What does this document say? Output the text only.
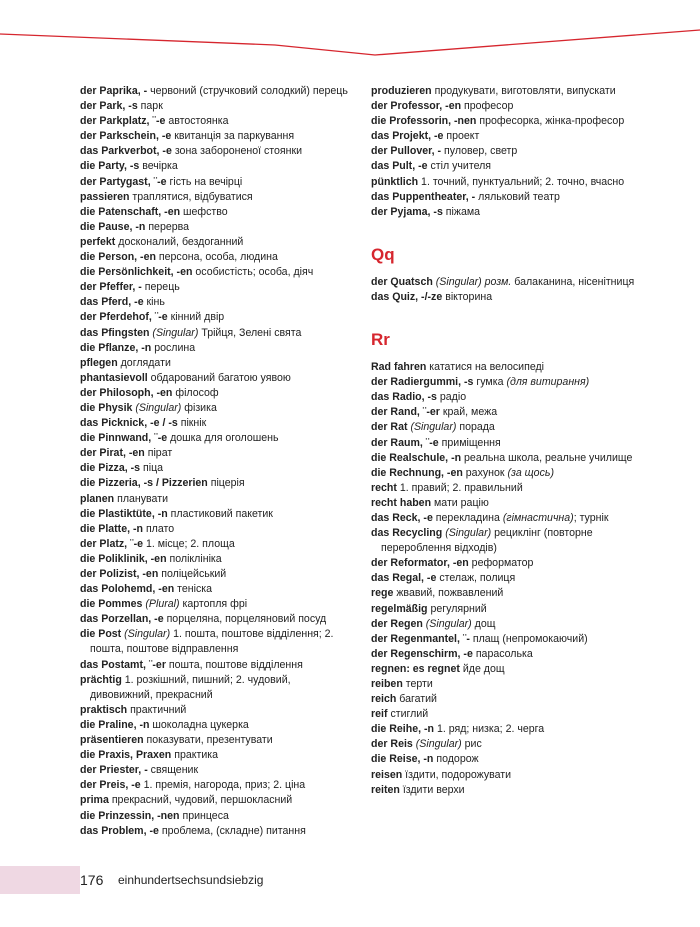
der Paprika, - червоний (стручковий солодкий) перець
der Park, -s парк
der Parkplatz, ¨-e автостоянка
der Parkschein, -e квитанція за паркування
das Parkverbot, -e зона забороненої стоянки
die Party, -s вечірка
der Partygast, ¨-e гість на вечірці
passieren траплятися, відбуватися
die Patenschaft, -en шефство
die Pause, -n перерва
perfekt досконалий, бездоганний
die Person, -en персона, особа, людина
die Persönlichkeit, -en особистість; особа, діяч
der Pfeffer, - перець
das Pferd, -e кінь
der Pferdehof, ¨-e кінний двір
das Pfingsten (Singular) Трійця, Зелені свята
die Pflanze, -n рослина
pflegen доглядати
phantasievoll обдарований багатою уявою
der Philosoph, -en філософ
die Physik (Singular) фізика
das Picknick, -e / -s пікнік
die Pinnwand, ¨-e дошка для оголошень
der Pirat, -en пірат
die Pizza, -s піца
die Pizzeria, -s / Pizzerien піцерія
planen планувати
die Plastiktüte, -n пластиковий пакетик
die Platte, -n плато
der Platz, ¨-e 1. місце; 2. площа
die Poliklinik, -en поліклініка
der Polizist, -en поліцейський
das Polohemd, -en теніска
die Pommes (Plural) картопля фрі
das Porzellan, -e порцеляна, порцеляновий посуд
die Post (Singular) 1. пошта, поштове відділення; 2. пошта, поштове відправлення
das Postamt, ¨-er пошта, поштове відділення
prächtig 1. розкішний, пишний; 2. чудовий, дивовижний, прекрасний
praktisch практичний
die Praline, -n шоколадна цукерка
präsentieren показувати, презентувати
die Praxis, Praxen практика
der Priester, - священик
der Preis, -e 1. премія, нагорода, приз; 2. ціна
prima прекрасний, чудовий, першокласний
die Prinzessin, -nen принцеса
das Problem, -e проблема, (складне) питання
produzieren продукувати, виготовляти, випускати
der Professor, -en професор
die Professorin, -nen професорка, жінка-професор
das Projekt, -e проект
der Pullover, - пуловер, светр
das Pult, -e стіл учителя
pünktlich 1. точний, пунктуальний; 2. точно, вчасно
das Puppentheater, - ляльковий театр
der Pyjama, -s піжама
Qq
der Quatsch (Singular) розм. балаканина, нісенітниця
das Quiz, -/-ze вікторина
Rr
Rad fahren кататися на велосипеді
der Radiergummi, -s гумка (для витирання)
das Radio, -s радіо
der Rand, ¨-er край, межа
der Rat (Singular) порада
der Raum, ¨-e приміщення
die Realschule, -n реальна школа, реальне училище
die Rechnung, -en рахунок (за щось)
recht 1. правий; 2. правильний
recht haben мати рацію
das Reck, -e перекладина (гімнастична); турнік
das Recycling (Singular) рециклінг (повторне перероблення відходів)
der Reformator, -en реформатор
das Regal, -e стелаж, полиця
rege жвавий, пожвавлений
regelmäßig регулярний
der Regen (Singular) дощ
der Regenmantel, ¨- плащ (непромокаючий)
der Regenschirm, -e парасолька
regnen: es regnet йде дощ
reiben терти
reich багатий
reif стиглий
die Reihe, -n 1. ряд; низка; 2. черга
der Reis (Singular) рис
die Reise, -n подорож
reisen їздити, подорожувати
reiten їздити верхи
176 einhundertsechsundsiebzig
